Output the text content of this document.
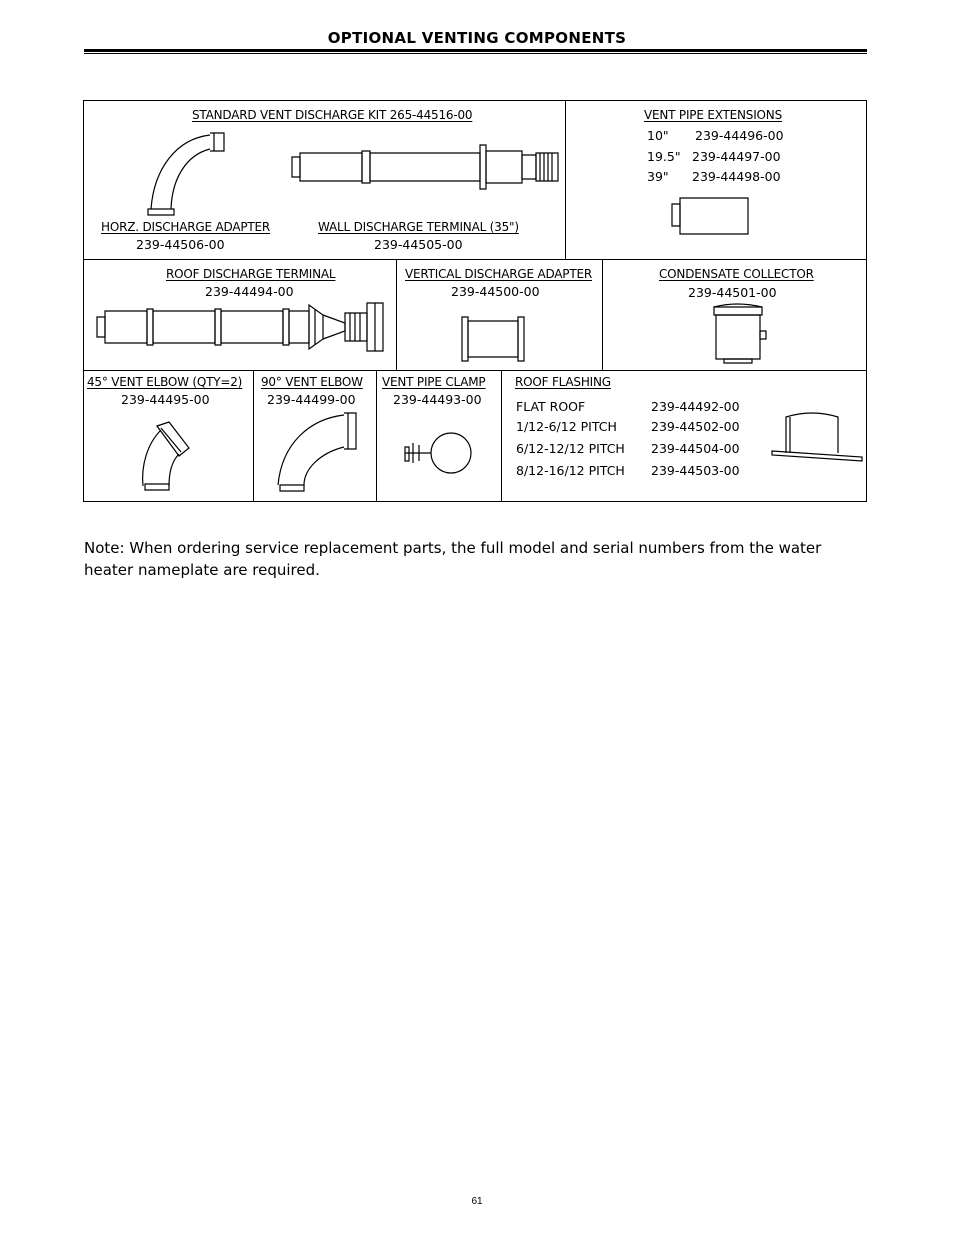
OPTIONAL VENTING COMPONENTS
STANDARD VENT DISCHARGE KIT 265-44516-00
HORZ. DISCHARGE ADAPTER
239-44506-00
WALL DISCHARGE TERMINAL (35")
239-44505-00
VENT PIPE EXTENSIONS
10" 239-44496-00
19.5" 239-44497-00
39" 239-44498-00
ROOF DISCHARGE TERMINAL
239-44494-00
VERTICAL DISCHARGE ADAPTER
239-44500-00
CONDENSATE COLLECTOR
239-44501-00
45° VENT ELBOW (QTY=2)
239-44495-00
90° VENT ELBOW
239-44499-00
VENT PIPE CLAMP
239-44493-00
ROOF FLASHING
FLAT ROOF	239-44492-00
1/12-6/12 PITCH	239-44502-00
6/12-12/12 PITCH 239-44504-00
8/12-16/12 PITCH 239-44503-00
Note: When ordering service replacement parts, the full model and serial numbers from the water heater nameplate are required.
61
